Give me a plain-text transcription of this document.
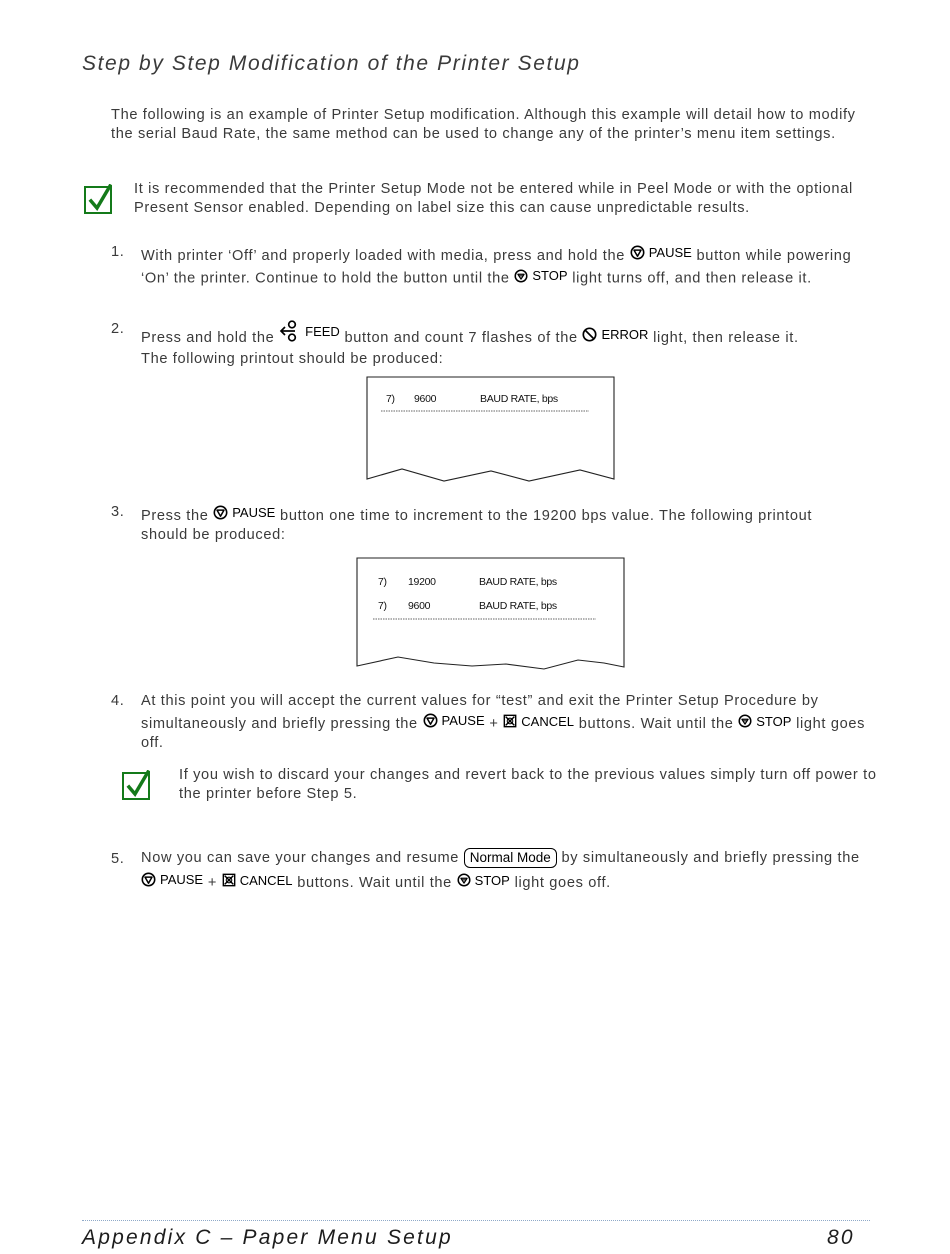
Step by Step Modification of the Printer Setup
The following is an example of Printer Setup modification. Although this example will detail how to modify the serial Baud Rate, the same method can be used to change any of the printer’s menu item settings.
It is recommended that the Printer Setup Mode not be entered while in Peel Mode or with the optional Present Sensor enabled. Depending on label size this can cause unpredictable results.
1.	With printer ‘Off’ and properly loaded with media, press and hold the PAUSE button while powering ‘On’ the printer. Continue to hold the button until the STOP light turns off, and then release it.
2.
Press and hold the FEED button and count 7 flashes of the ERROR light, then release it.
The following printout should be produced:
7) 9600	BAUD RATE, bps
3.	Press the PAUSE button one time to increment to the 19200 bps value. The following printout should be produced:
7) 19200	BAUD RATE, bps
7) 9600	BAUD RATE, bps
4.	At this point you will accept the current values for “test” and exit the Printer Setup Procedure by simultaneously and briefly pressing the PAUSE + CANCEL buttons. Wait until the STOP light goes off.
If you wish to discard your changes and revert back to the previous values simply turn off power to the printer before Step 5.
5.	Now you can save your changes and resume Normal Mode by simultaneously and briefly pressing the
PAUSE + CANCEL buttons. Wait until the STOP light goes off.
Appendix C – Paper Menu Setup	80
